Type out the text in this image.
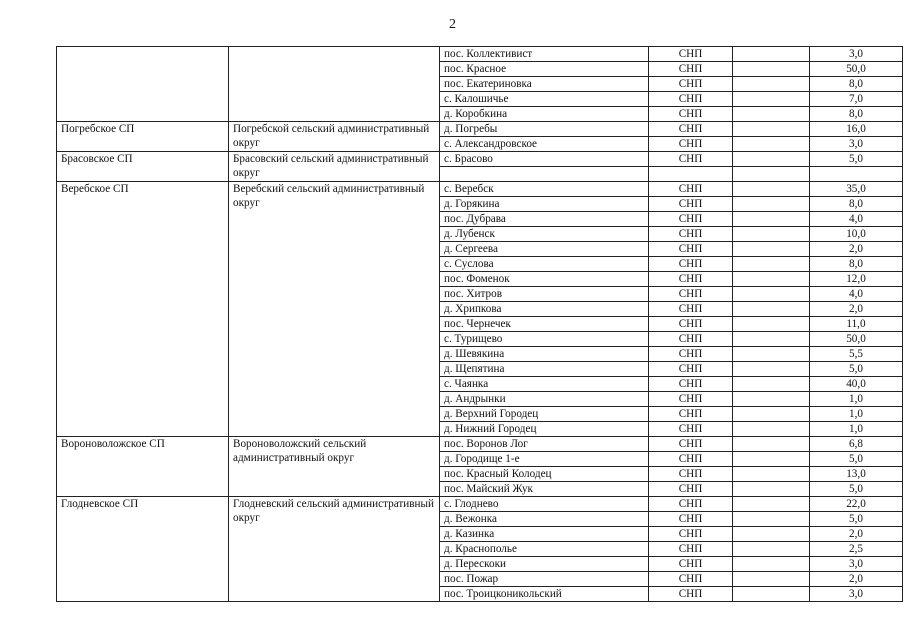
2
		пос. Коллективист	СНП		3,0
		пос. Красное	СНП		50,0
		пос. Екатериновка	СНП		8,0
		с. Калошичье	СНП		7,0
		д. Коробкина	СНП		8,0
Погребское СП	Погребской сельский административный округ	д. Погребы	СНП		16,0
		с. Александровское	СНП		3,0
Брасовское СП	Брасовский сельский административный округ	с. Брасово	СНП		5,0

Веребское СП	Веребский сельский административный округ	с. Веребск	СНП		35,0
		д. Горякина	СНП		8,0
		пос. Дубрава	СНП		4,0
		д. Лубенск	СНП		10,0
		д. Сергеева	СНП		2,0
		с. Суслова	СНП		8,0
		пос. Фоменок	СНП		12,0
		пос. Хитров	СНП		4,0
		д. Хрипкова	СНП		2,0
		пос. Чернечек	СНП		11,0
		с. Турищево	СНП		50,0
		д. Шевякина	СНП		5,5
		д. Щепятина	СНП		5,0
		с. Чаянка	СНП		40,0
		д. Андрынки	СНП		1,0
		д. Верхний Городец	СНП		1,0
		д. Нижний Городец	СНП		1,0
Вороноволожское СП	Вороноволожский сельский административный округ	пос. Воронов Лог	СНП		6,8
		д. Городище 1-е	СНП		5,0
		пос. Красный Колодец	СНП		13,0
		пос. Майский Жук	СНП		5,0
Глодневское СП	Глодневский сельский административный округ	с. Глоднево	СНП		22,0
		д. Вежонка	СНП		5,0
		д. Казинка	СНП		2,0
		д. Краснополье	СНП		2,5
		д. Перескоки	СНП		3,0
		пос. Пожар	СНП		2,0
		пос. Троицконикольский	СНП		3,0
